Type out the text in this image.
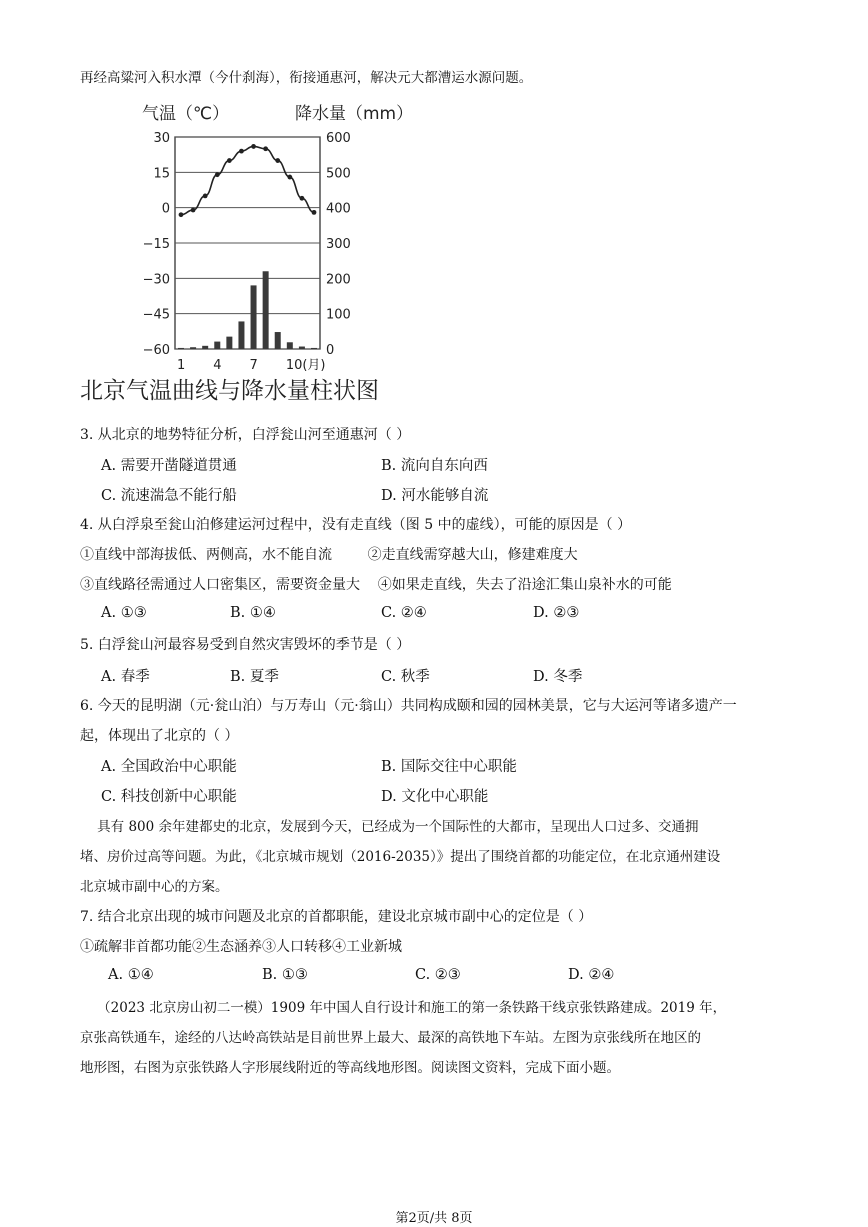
再经高粱河入积水潭（今什刹海），衔接通惠河，解决元大都漕运水源问题。
气温（℃）	降水量（mm）
30
15
0
−15
−30
−45
−60
600
500
400
300
200
100
0
1 4 7 10(月)
北京气温曲线与降水量柱状图
3. 从北京的地势特征分析，白浮瓮山河至通惠河（ ）
A. 需要开凿隧道贯通	B. 流向自东向西
C. 流速湍急不能行船	D. 河水能够自流
4. 从白浮泉至瓮山泊修建运河过程中，没有走直线（图 5 中的虚线），可能的原因是（ ）
①直线中部海拔低、两侧高，水不能自流        ②走直线需穿越大山，修建难度大
③直线路径需通过人口密集区，需要资金量大    ④如果走直线，失去了沿途汇集山泉补水的可能
A. ①③	B. ①④	C. ②④	D. ②③
5. 白浮瓮山河最容易受到自然灾害毁坏的季节是（ ）
A. 春季	B. 夏季	C. 秋季	D. 冬季
6. 今天的昆明湖（元·瓮山泊）与万寿山（元·翁山）共同构成颐和园的园林美景，它与大运河等诸多遗产一
起，体现出了北京的（ ）
A. 全国政治中心职能	B. 国际交往中心职能
C. 科技创新中心职能	D. 文化中心职能
具有 800 余年建都史的北京，发展到今天，已经成为一个国际性的大都市，呈现出人口过多、交通拥
堵、房价过高等问题。为此，《北京城市规划（2016-2035）》提出了围绕首都的功能定位，在北京通州建设
北京城市副中心的方案。
7. 结合北京出现的城市问题及北京的首都职能，建设北京城市副中心的定位是（ ）
①疏解非首都功能②生态涵养③人口转移④工业新城
A. ①④	B. ①③	C. ②③	D. ②④
（2023 北京房山初二一模）1909 年中国人自行设计和施工的第一条铁路干线京张铁路建成。2019 年，
京张高铁通车，途经的八达岭高铁站是目前世界上最大、最深的高铁地下车站。左图为京张线所在地区的
地形图，右图为京张铁路人字形展线附近的等高线地形图。阅读图文资料，完成下面小题。
第2页/共 8页
